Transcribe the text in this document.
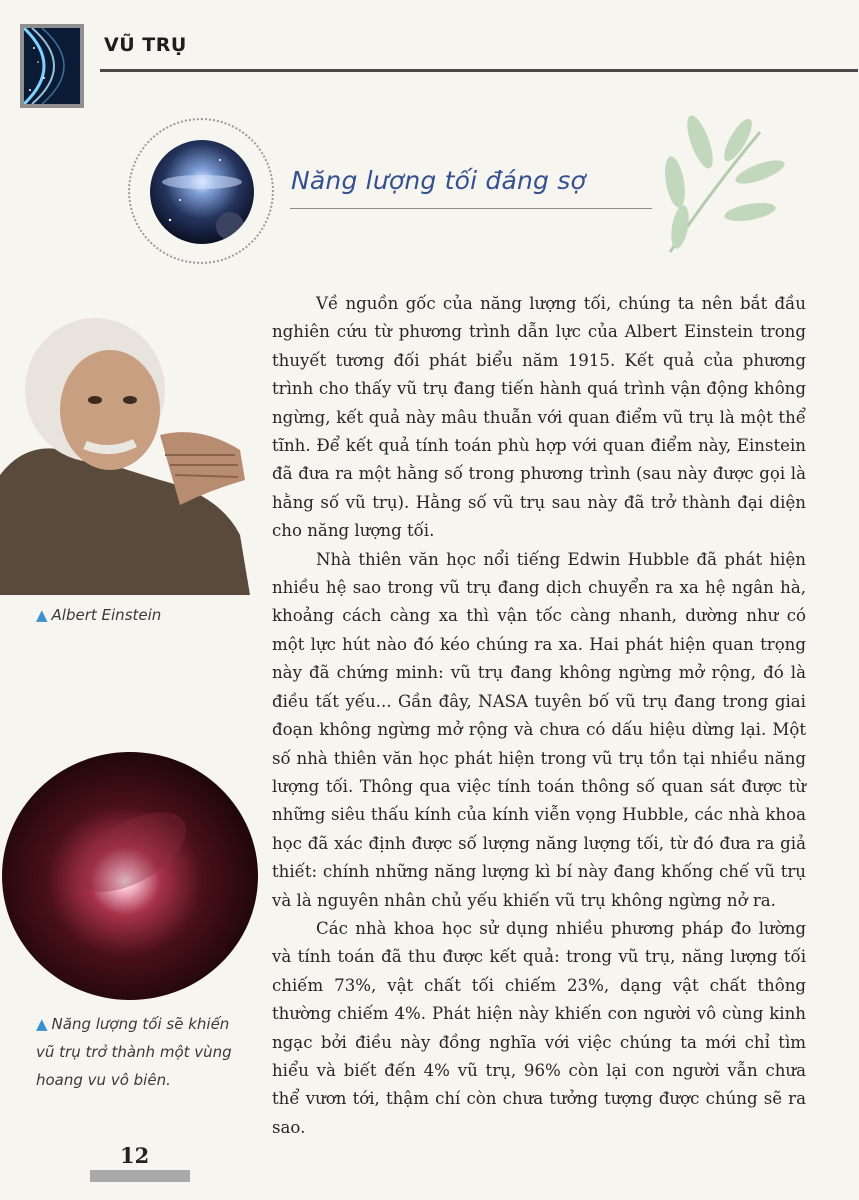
VŨ TRỤ
Năng lượng tối đáng sợ
▲ Albert Einstein
▲ Năng lượng tối sẽ khiến vũ trụ trở thành một vùng hoang vu vô biên.

Về nguồn gốc của năng lượng tối, chúng ta nên bắt đầu nghiên cứu từ phương trình dẫn lực của Albert Einstein trong thuyết tương đối phát biểu năm 1915. Kết quả của phương trình cho thấy vũ trụ đang tiến hành quá trình vận động không ngừng, kết quả này mâu thuẫn với quan điểm vũ trụ là một thể tĩnh. Để kết quả tính toán phù hợp với quan điểm này, Einstein đã đưa ra một hằng số trong phương trình (sau này được gọi là hằng số vũ trụ). Hằng số vũ trụ sau này đã trở thành đại diện cho năng lượng tối.

Nhà thiên văn học nổi tiếng Edwin Hubble đã phát hiện nhiều hệ sao trong vũ trụ đang dịch chuyển ra xa hệ ngân hà, khoảng cách càng xa thì vận tốc càng nhanh, dường như có một lực hút nào đó kéo chúng ra xa. Hai phát hiện quan trọng này đã chứng minh: vũ trụ đang không ngừng mở rộng, đó là điều tất yếu... Gần đây, NASA tuyên bố vũ trụ đang trong giai đoạn không ngừng mở rộng và chưa có dấu hiệu dừng lại. Một số nhà thiên văn học phát hiện trong vũ trụ tồn tại nhiều năng lượng tối. Thông qua việc tính toán thông số quan sát được từ những siêu thấu kính của kính viễn vọng Hubble, các nhà khoa học đã xác định được số lượng năng lượng tối, từ đó đưa ra giả thiết: chính những năng lượng kì bí này đang khống chế vũ trụ và là nguyên nhân chủ yếu khiến vũ trụ không ngừng nở ra.

Các nhà khoa học sử dụng nhiều phương pháp đo lường và tính toán đã thu được kết quả: trong vũ trụ, năng lượng tối chiếm 73%, vật chất tối chiếm 23%, dạng vật chất thông thường chiếm 4%. Phát hiện này khiến con người vô cùng kinh ngạc bởi điều này đồng nghĩa với việc chúng ta mới chỉ tìm hiểu và biết đến 4% vũ trụ, 96% còn lại con người vẫn chưa thể vươn tới, thậm chí còn chưa tưởng tượng được chúng sẽ ra sao.

12
